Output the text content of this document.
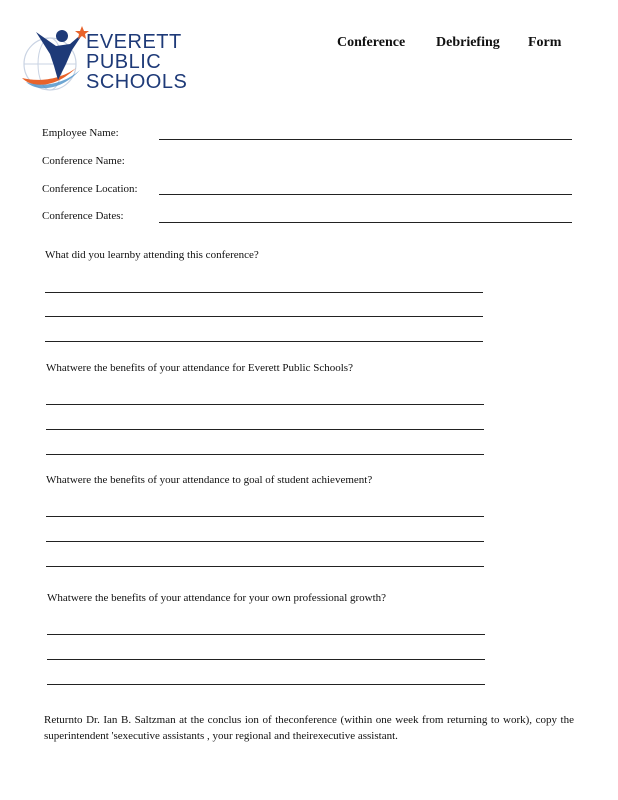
EVERETT
PUBLIC
SCHOOLS
Conference Debriefing Form
Employee Name:
Conference Name:
Conference Location:
Conference Dates:
What did you learnby attending this conference?
Whatwere the benefits of your attendance for Everett Public Schools?
Whatwere the benefits of your attendance to goal of student achievement?
Whatwere the benefits of your attendance for your own professional growth?
Returnto Dr. Ian B. Saltzman at the conclus ion of theconference (within one week from returning to work), copy the superintendent 'sexecutive assistants , your regional and theirexecutive assistant.
